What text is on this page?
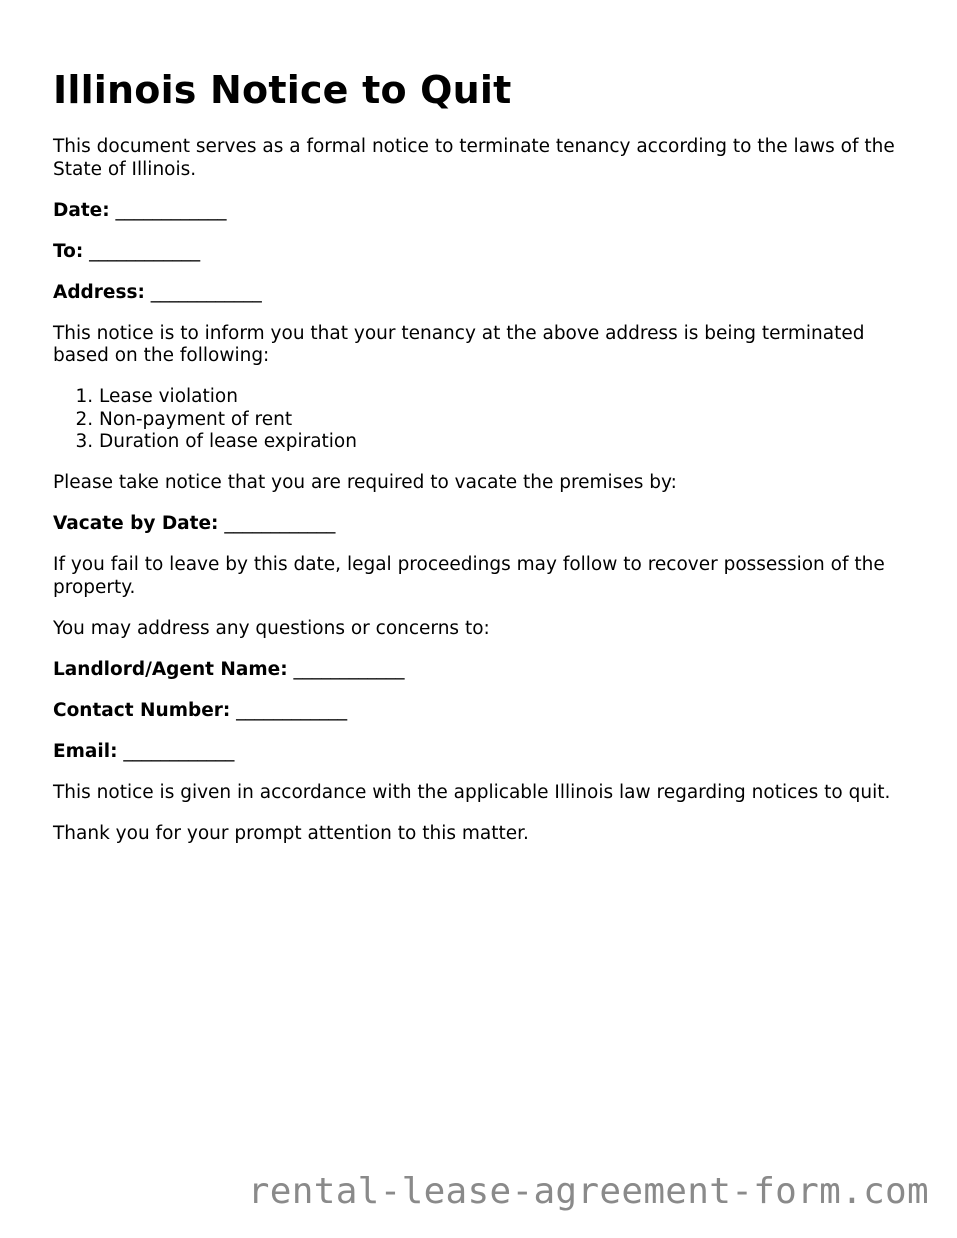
Illinois Notice to Quit

This document serves as a formal notice to terminate tenancy according to the laws of the State of Illinois.

Date: ____________

To: ____________

Address: ____________

This notice is to inform you that your tenancy at the above address is being terminated based on the following:

1. Lease violation
2. Non-payment of rent
3. Duration of lease expiration

Please take notice that you are required to vacate the premises by:

Vacate by Date: ____________

If you fail to leave by this date, legal proceedings may follow to recover possession of the property.

You may address any questions or concerns to:

Landlord/Agent Name: ____________

Contact Number: ____________

Email: ____________

This notice is given in accordance with the applicable Illinois law regarding notices to quit.

Thank you for your prompt attention to this matter.

rental-lease-agreement-form.com
